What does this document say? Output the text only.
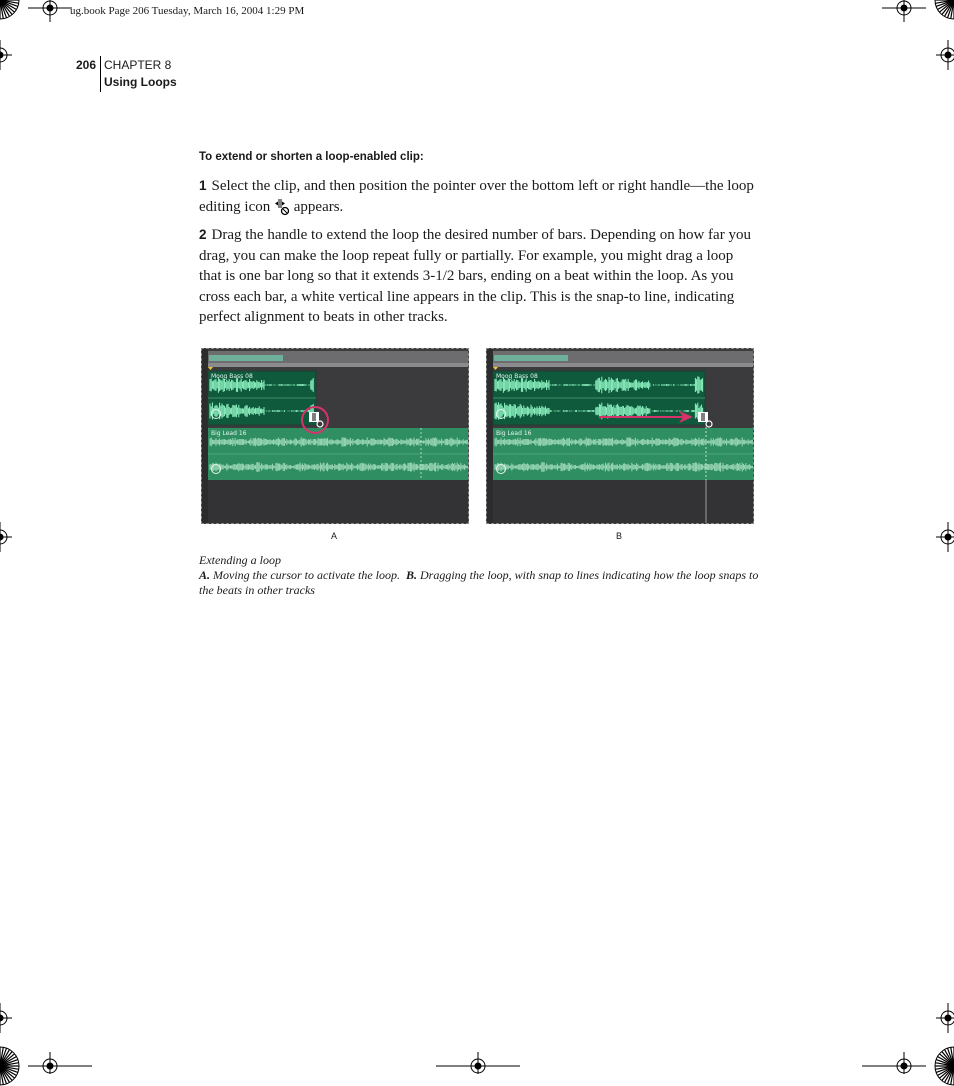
ug.book Page 206 Tuesday, March 16, 2004 1:29 PM
206 CHAPTER 8
Using Loops
To extend or shorten a loop-enabled clip:
1 Select the clip, and then position the pointer over the bottom left or right handle—the loop editing icon  appears.
2 Drag the handle to extend the loop the desired number of bars. Depending on how far you drag, you can make the loop repeat fully or partially. For example, you might drag a loop that is one bar long so that it extends 3-1/2 bars, ending on a beat within the loop. As you cross each bar, a white vertical line appears in the clip. This is the snap-to line, indicating perfect alignment to beats in other tracks.
Moog Bass 08
Big Lead 16
Moog Bass 08
Big Lead 16
A	B
Extending a loop
A. Moving the cursor to activate the loop. B. Dragging the loop, with snap to lines indicating how the loop snaps to the beats in other tracks
